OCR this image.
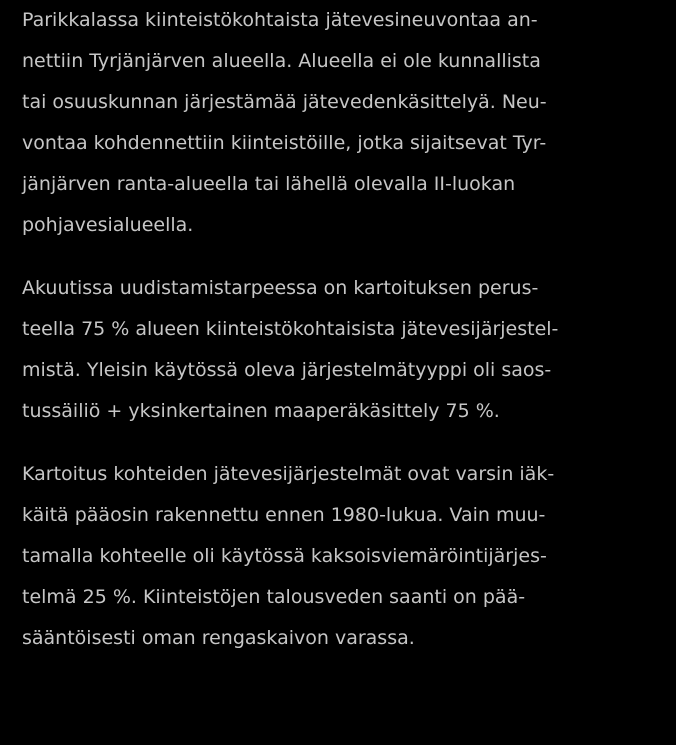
Parikkalassa kiinteistökohtaista jätevesineuvontaa an-
nettiin Tyrjänjärven alueella. Alueella ei ole kunnallista
tai osuuskunnan järjestämää jätevedenkäsittelyä. Neu-
vontaa kohdennettiin kiinteistöille, jotka sijaitsevat Tyr-
jänjärven ranta-alueella tai lähellä olevalla II-luokan
pohjavesialueella.

Akuutissa uudistamistarpeessa on kartoituksen perus-
teella 75 % alueen kiinteistökohtaisista jätevesijärjestel-
mistä. Yleisin käytössä oleva järjestelmätyyppi oli saos-
tussäiliö + yksinkertainen maaperäkäsittely 75 %.

Kartoitus kohteiden jätevesijärjestelmät ovat varsin iäk-
käitä pääosin rakennettu ennen 1980-lukua. Vain muu-
tamalla kohteelle oli käytössä kaksoisviemäröintijärjes-
telmä 25 %. Kiinteistöjen talousveden saanti on pää-
sääntöisesti oman rengaskaivon varassa.
